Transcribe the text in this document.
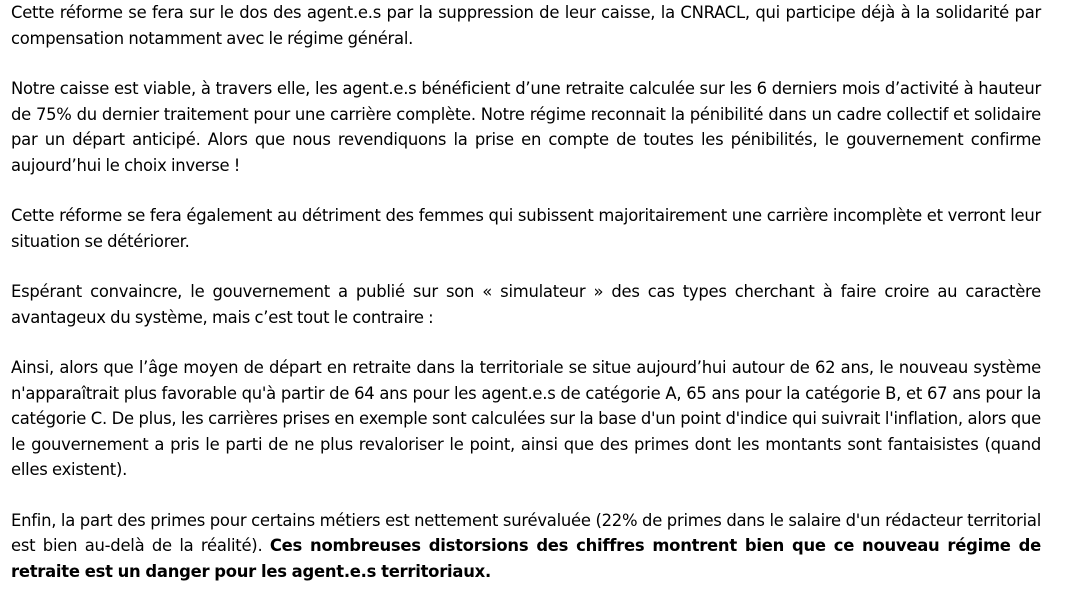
Cette réforme se fera sur le dos des agent.e.s par la suppression de leur caisse, la CNRACL, qui participe déjà à la solidarité par compensation notamment avec le régime général.

Notre caisse est viable, à travers elle, les agent.e.s bénéficient d’une retraite calculée sur les 6 derniers mois d’activité à hauteur de 75% du dernier traitement pour une carrière complète. Notre régime reconnait la pénibilité dans un cadre collectif et solidaire par un départ anticipé. Alors que nous revendiquons la prise en compte de toutes les pénibilités, le gouvernement confirme aujourd’hui le choix inverse !

Cette réforme se fera également au détriment des femmes qui subissent majoritairement une carrière incomplète et verront leur situation se détériorer.

Espérant convaincre, le gouvernement a publié sur son « simulateur » des cas types cherchant à faire croire au caractère avantageux du système, mais c’est tout le contraire :

Ainsi, alors que l’âge moyen de départ en retraite dans la territoriale se situe aujourd’hui autour de 62 ans, le nouveau système n'apparaîtrait plus favorable qu'à partir de 64 ans pour les agent.e.s de catégorie A, 65 ans pour la catégorie B, et 67 ans pour la catégorie C. De plus, les carrières prises en exemple sont calculées sur la base d'un point d'indice qui suivrait l'inflation, alors que le gouvernement a pris le parti de ne plus revaloriser le point, ainsi que des primes dont les montants sont fantaisistes (quand elles existent).

Enfin, la part des primes pour certains métiers est nettement surévaluée (22% de primes dans le salaire d'un rédacteur territorial est bien au-delà de la réalité). Ces nombreuses distorsions des chiffres montrent bien que ce nouveau régime de retraite est un danger pour les agent.e.s territoriaux.
